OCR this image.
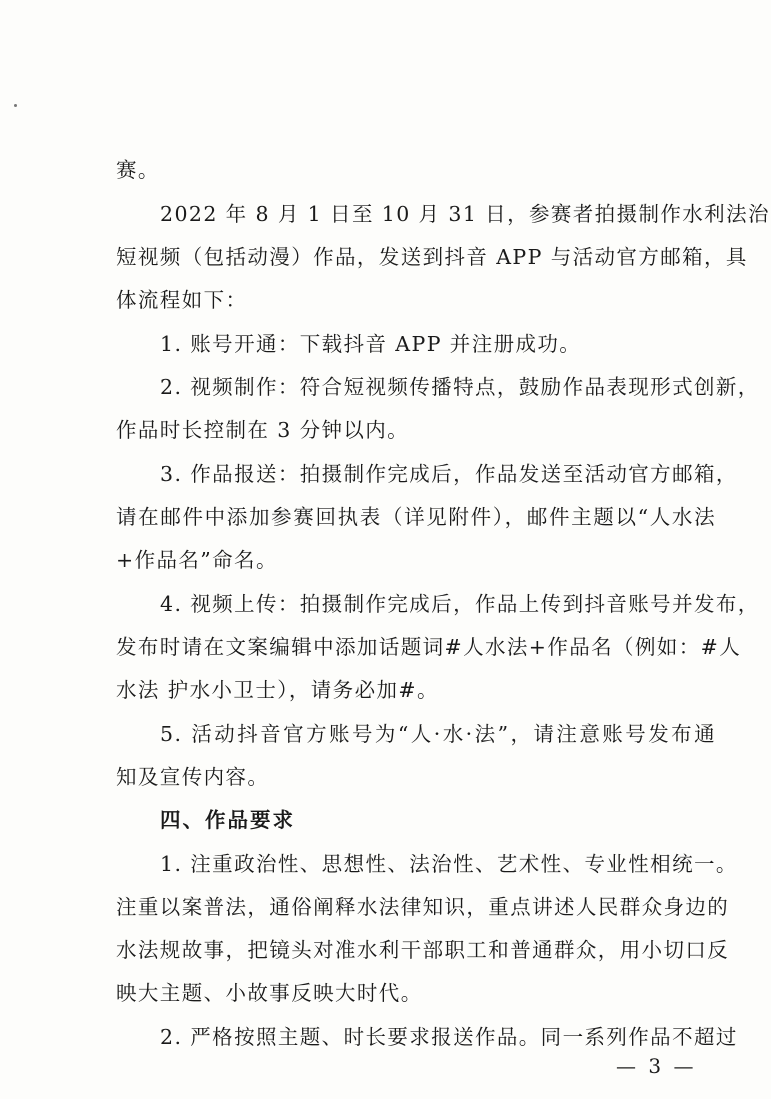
赛。
2022 年 8 月 1 日至 10 月 31 日，参赛者拍摄制作水利法治
短视频（包括动漫）作品，发送到抖音 APP 与活动官方邮箱，具
体流程如下：
1. 账号开通：下载抖音 APP 并注册成功。
2. 视频制作：符合短视频传播特点，鼓励作品表现形式创新，
作品时长控制在 3 分钟以内。
3. 作品报送：拍摄制作完成后，作品发送至活动官方邮箱，
请在邮件中添加参赛回执表（详见附件），邮件主题以“人水法
+作品名”命名。
4. 视频上传：拍摄制作完成后，作品上传到抖音账号并发布，
发布时请在文案编辑中添加话题词#人水法+作品名（例如：#人
水法 护水小卫士），请务必加#。
5. 活动抖音官方账号为“人·水·法”，请注意账号发布通
知及宣传内容。
四、作品要求
1. 注重政治性、思想性、法治性、艺术性、专业性相统一。
注重以案普法，通俗阐释水法律知识，重点讲述人民群众身边的
水法规故事，把镜头对准水利干部职工和普通群众，用小切口反
映大主题、小故事反映大时代。
2. 严格按照主题、时长要求报送作品。同一系列作品不超过
— 3 —
